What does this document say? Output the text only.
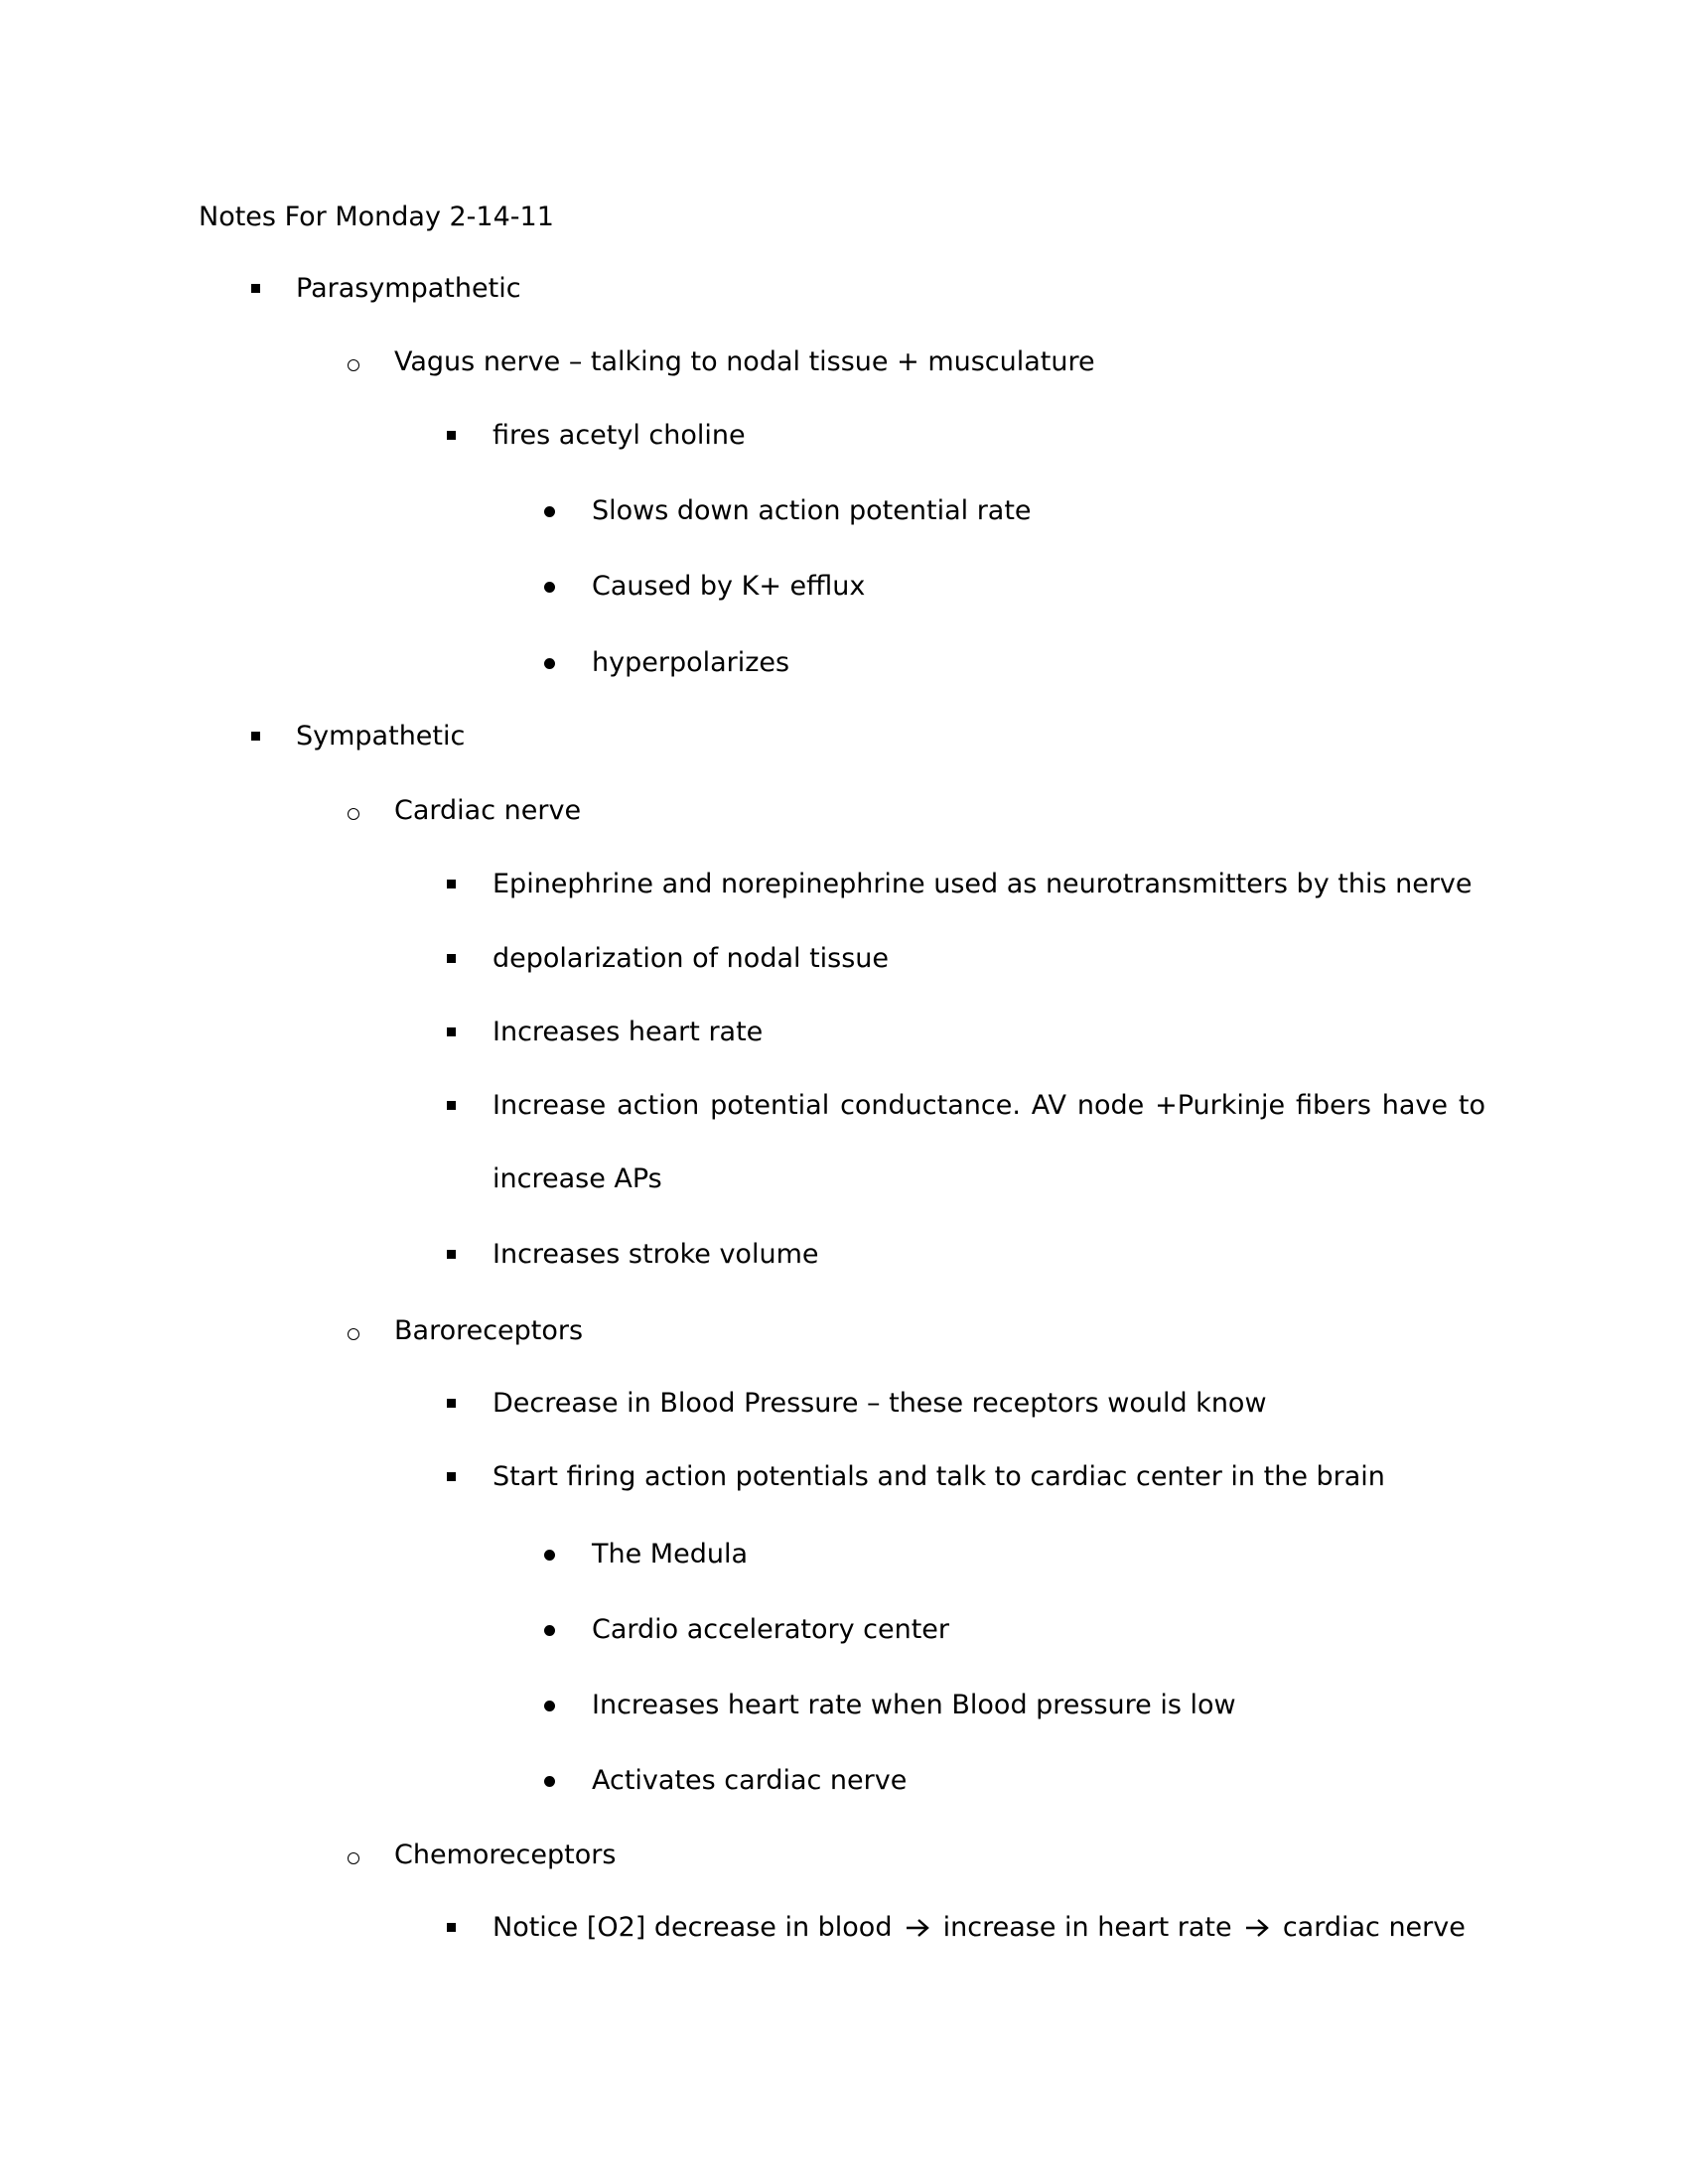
Notes For Monday 2-14-11
Parasympathetic
Vagus nerve – talking to nodal tissue + musculature
fires acetyl choline
Slows down action potential rate
Caused by K+ efflux
hyperpolarizes
Sympathetic
Cardiac nerve
Epinephrine and norepinephrine used as neurotransmitters by this nerve
depolarization of nodal tissue
Increases heart rate
Increase action potential conductance. AV node +Purkinje fibers have to increase APs
Increases stroke volume
Baroreceptors
Decrease in Blood Pressure – these receptors would know
Start firing action potentials and talk to cardiac center in the brain
The Medula
Cardio acceleratory center
Increases heart rate when Blood pressure is low
Activates cardiac nerve
Chemoreceptors
Notice [O2] decrease in blood increase in heart rate cardiac nerve
